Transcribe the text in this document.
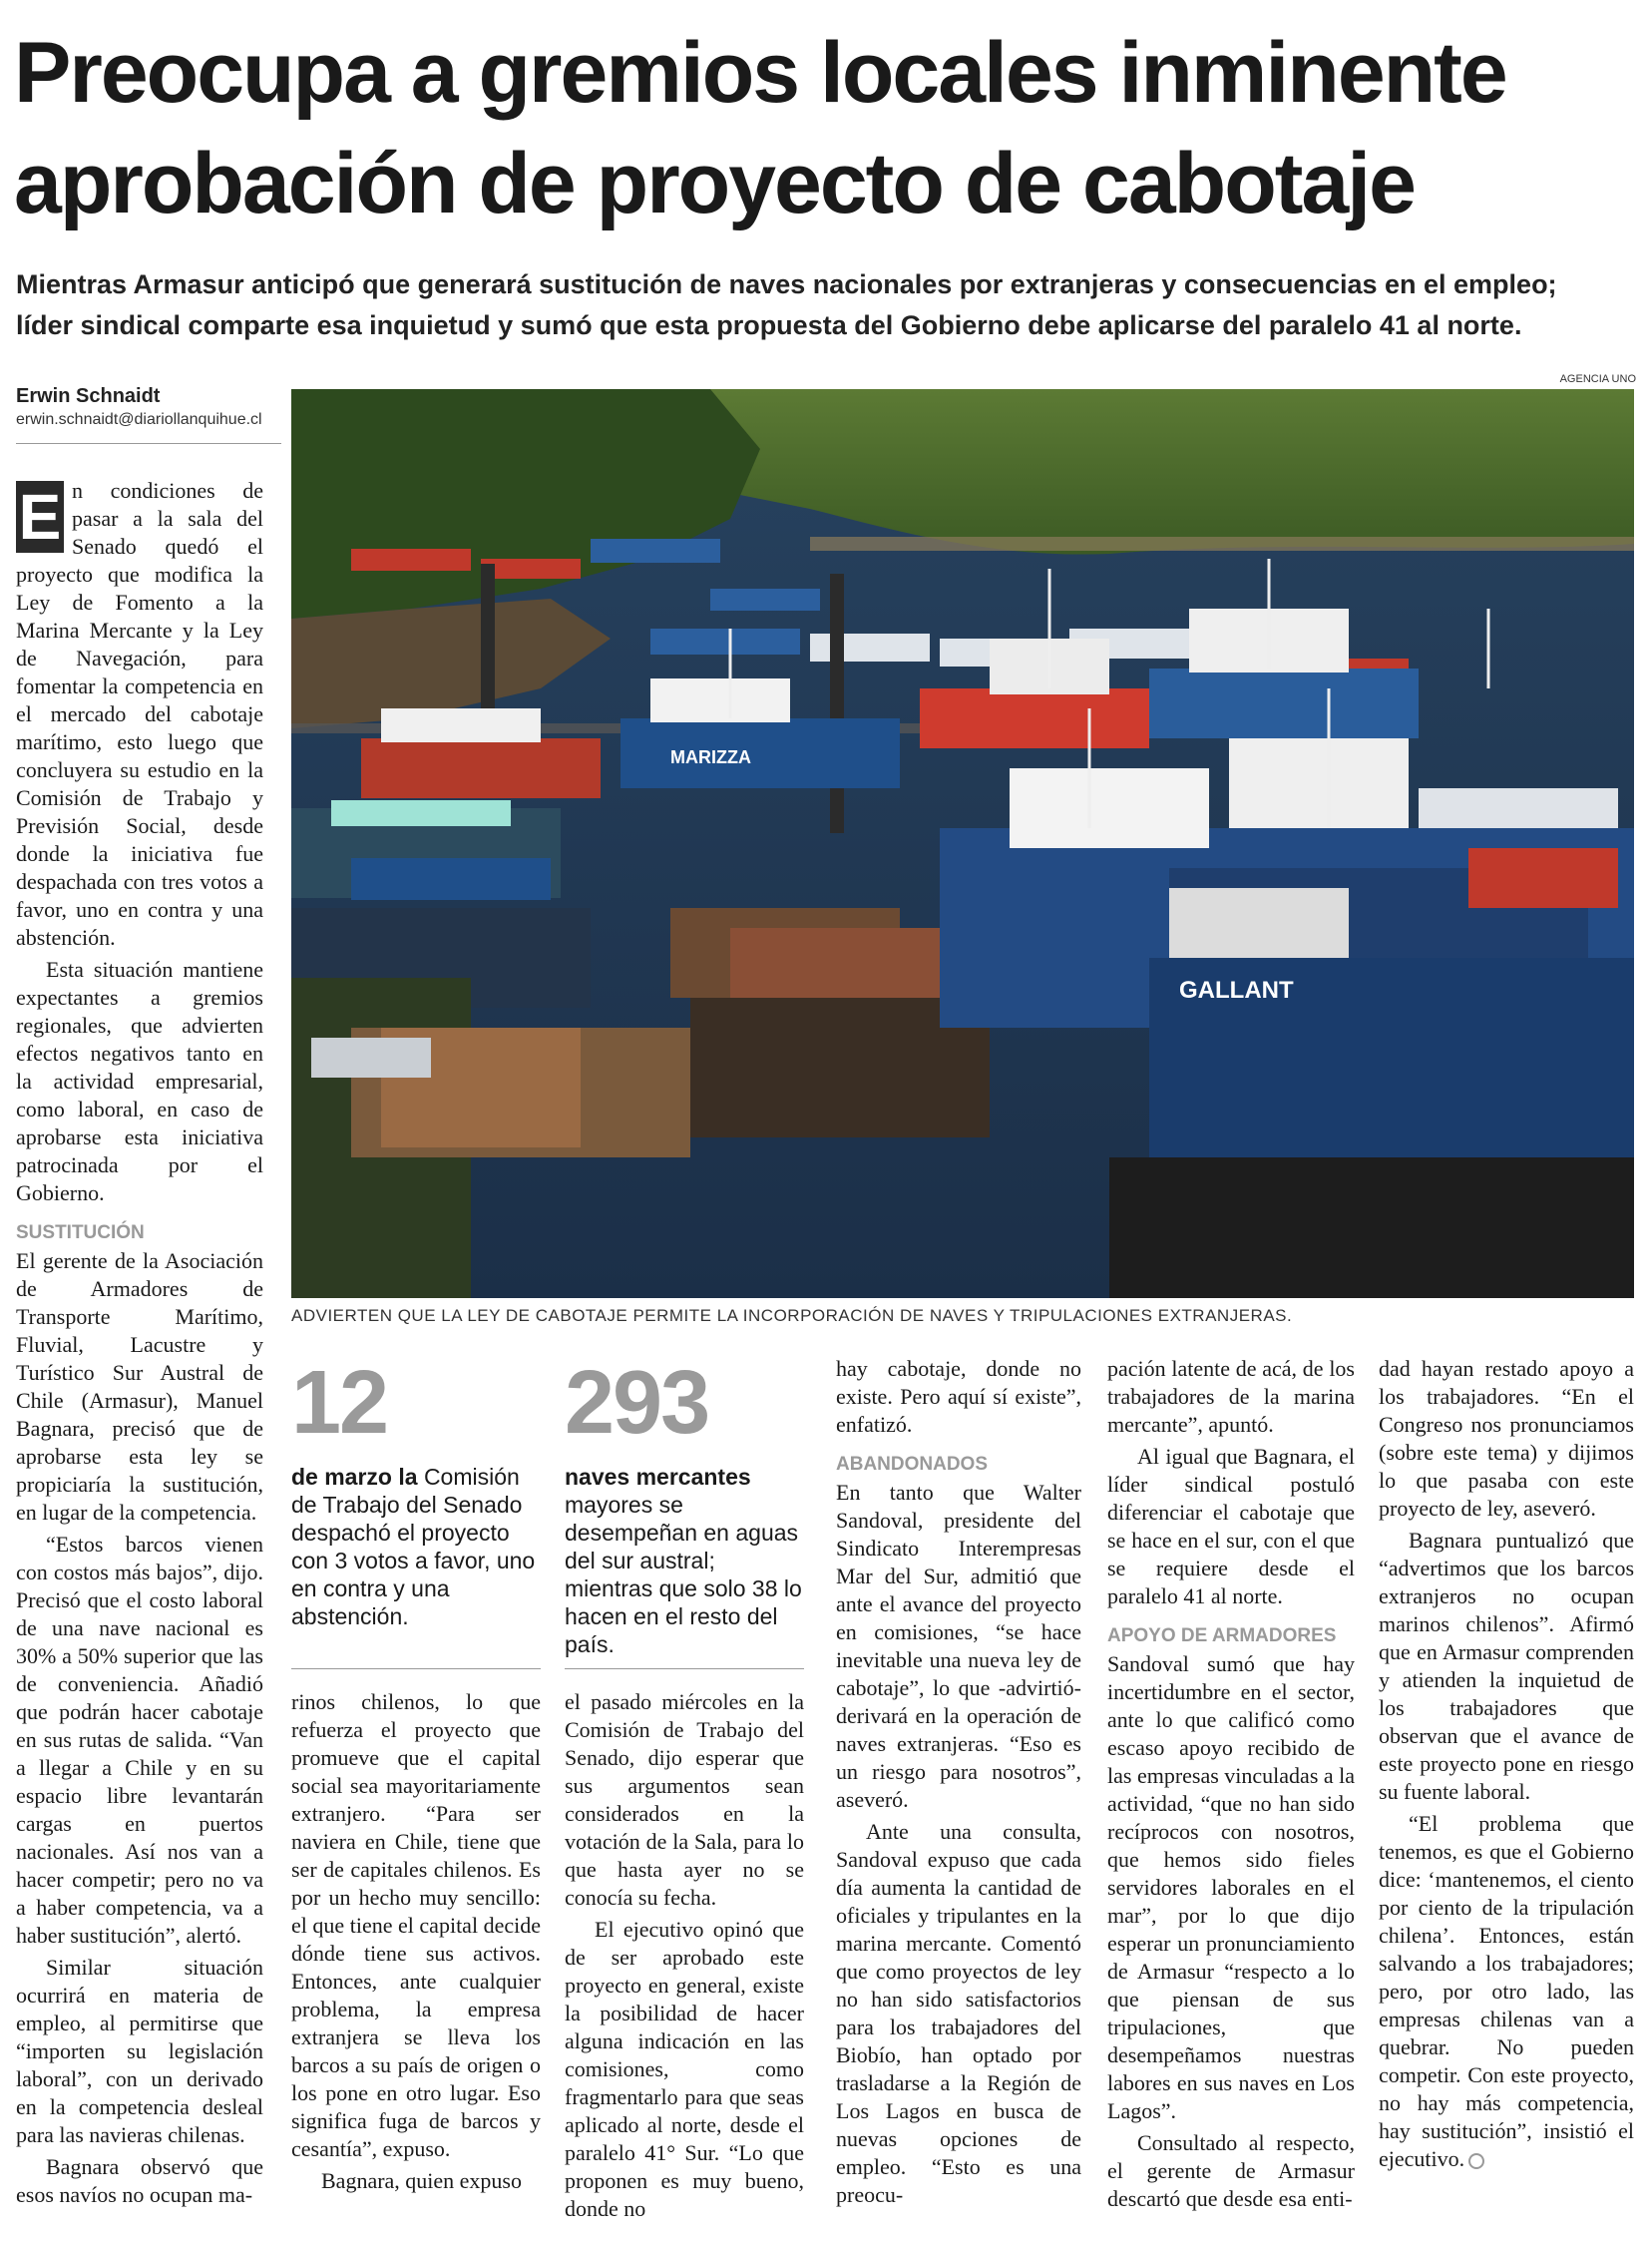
Preocupa a gremios locales inminente
aprobación de proyecto de cabotaje
Mientras Armasur anticipó que generará sustitución de naves nacionales por extranjeras y consecuencias en el empleo;
líder sindical comparte esa inquietud y sumó que esta propuesta del Gobierno debe aplicarse del paralelo 41 al norte.
Erwin Schnaidt
erwin.schnaidt@diariollanquihue.cl
AGENCIA UNO
MARIZZA
GALLANT
ADVIERTEN QUE LA LEY DE CABOTAJE PERMITE LA INCORPORACIÓN DE NAVES Y TRIPULACIONES EXTRANJERAS.

E n condiciones de pasar a la sala del Senado quedó el proyecto que modifica la Ley de Fomento a la Marina Mercante y la Ley de Navegación, para fomentar la competencia en el mercado del cabotaje marítimo, esto luego que concluyera su estudio en la Comisión de Trabajo y Previsión Social, desde donde la iniciativa fue despachada con tres votos a favor, uno en contra y una abstención.

Esta situación mantiene expectantes a gremios regionales, que advierten efectos negativos tanto en la actividad empresarial, como laboral, en caso de aprobarse esta iniciativa patrocinada por el Gobierno.

SUSTITUCIÓN

El gerente de la Asociación de Armadores de Transporte Marítimo, Fluvial, Lacustre y Turístico Sur Austral de Chile (Armasur), Manuel Bagnara, precisó que de aprobarse esta ley se propiciaría la sustitución, en lugar de la competencia.

“Estos barcos vienen con costos más bajos”, dijo. Precisó que el costo laboral de una nave nacional es 30% a 50% superior que las de conveniencia. Añadió que podrán hacer cabotaje en sus rutas de salida. “Van a llegar a Chile y en su espacio libre levantarán cargas en puertos nacionales. Así nos van a hacer competir; pero no va a haber competencia, va a haber sustitución”, alertó.

Similar situación ocurrirá en materia de empleo, al permitirse que “importen su legislación laboral”, con un derivado en la competencia desleal para las navieras chilenas.

Bagnara observó que esos navíos no ocupan ma-

12
de marzo la Comisión de Trabajo del Senado despachó el proyecto con 3 votos a favor, uno en contra y una abstención.
293
naves mercantes mayores se desempeñan en aguas del sur austral; mientras que solo 38 lo hacen en el resto del país.

rinos chilenos, lo que refuerza el proyecto que promueve que el capital social sea mayoritariamente extranjero. “Para ser naviera en Chile, tiene que ser de capitales chilenos. Es por un hecho muy sencillo: el que tiene el capital decide dónde tiene sus activos. Entonces, ante cualquier problema, la empresa extranjera se lleva los barcos a su país de origen o los pone en otro lugar. Eso significa fuga de barcos y cesantía”, expuso.

Bagnara, quien expuso

el pasado miércoles en la Comisión de Trabajo del Senado, dijo esperar que sus argumentos sean considerados en la votación de la Sala, para lo que hasta ayer no se conocía su fecha.

El ejecutivo opinó que de ser aprobado este proyecto en general, existe la posibilidad de hacer alguna indicación en las comisiones, como fragmentarlo para que seas aplicado al norte, desde el paralelo 41° Sur. “Lo que proponen es muy bueno, donde no

hay cabotaje, donde no existe. Pero aquí sí existe”, enfatizó.

ABANDONADOS

En tanto que Walter Sandoval, presidente del Sindicato Interempresas Mar del Sur, admitió que ante el avance del proyecto en comisiones, “se hace inevitable una nueva ley de cabotaje”, lo que -advirtió- derivará en la operación de naves extranjeras. “Eso es un riesgo para nosotros”, aseveró.

Ante una consulta, Sandoval expuso que cada día aumenta la cantidad de oficiales y tripulantes en la marina mercante. Comentó que como proyectos de ley no han sido satisfactorios para los trabajadores del Biobío, han optado por trasladarse a la Región de Los Lagos en busca de nuevas opciones de empleo. “Esto es una preocu-

pación latente de acá, de los trabajadores de la marina mercante”, apuntó.

Al igual que Bagnara, el líder sindical postuló diferenciar el cabotaje que se hace en el sur, con el que se requiere desde el paralelo 41 al norte.

APOYO DE ARMADORES

Sandoval sumó que hay incertidumbre en el sector, ante lo que calificó como escaso apoyo recibido de las empresas vinculadas a la actividad, “que no han sido recíprocos con nosotros, que hemos sido fieles servidores laborales en el mar”, por lo que dijo esperar un pronunciamiento de Armasur “respecto a lo que piensan de sus tripulaciones, que desempeñamos nuestras labores en sus naves en Los Lagos”.

Consultado al respecto, el gerente de Armasur descartó que desde esa enti-

dad hayan restado apoyo a los trabajadores. “En el Congreso nos pronunciamos (sobre este tema) y dijimos lo que pasaba con este proyecto de ley, aseveró.

Bagnara puntualizó que “advertimos que los barcos extranjeros no ocupan marinos chilenos”. Afirmó que en Armasur comprenden y atienden la inquietud de los trabajadores que observan que el avance de este proyecto pone en riesgo su fuente laboral.

“El problema que tenemos, es que el Gobierno dice: ‘mantenemos, el ciento por ciento de la tripulación chilena’. Entonces, están salvando a los trabajadores; pero, por otro lado, las empresas chilenas van a quebrar. No pueden competir. Con este proyecto, no hay más competencia, hay sustitución”, insistió el ejecutivo.
